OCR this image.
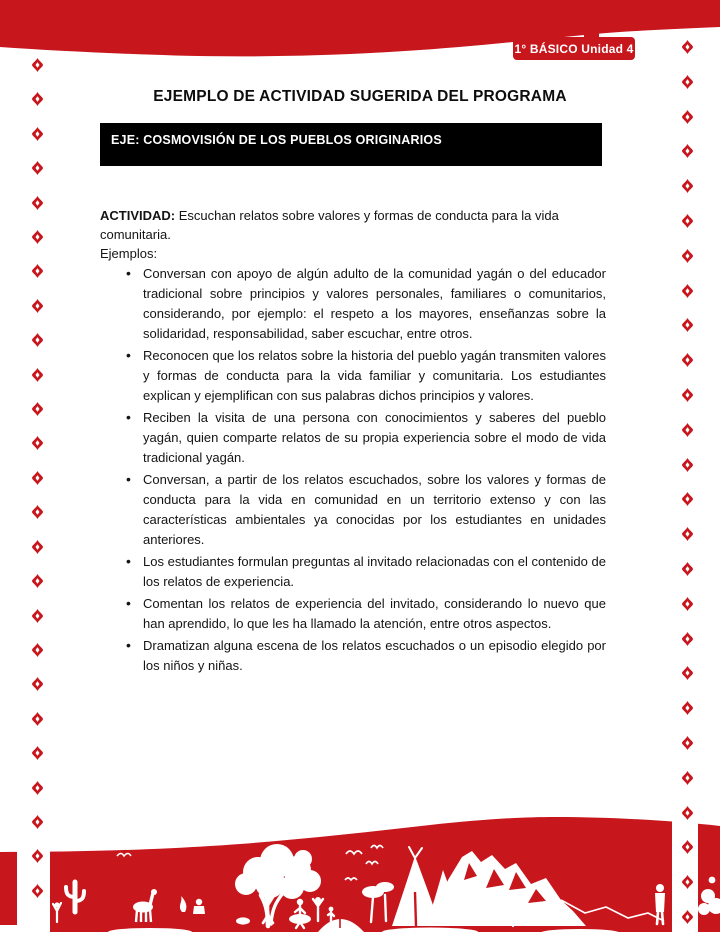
1° BÁSICO Unidad 4
EJEMPLO DE ACTIVIDAD SUGERIDA DEL PROGRAMA
EJE: COSMOVISIÓN DE LOS PUEBLOS ORIGINARIOS

ACTIVIDAD: Escuchan relatos sobre valores y formas de conducta para la vida comunitaria.

Ejemplos:

• Conversan con apoyo de algún adulto de la comunidad yagán o del educador tradicional sobre principios y valores personales, familiares o comunitarios, considerando, por ejemplo: el respeto a los mayores, enseñanzas sobre la solidaridad, responsabilidad, saber escuchar, entre otros.
• Reconocen que los relatos sobre la historia del pueblo yagán transmiten valores y formas de conducta para la vida familiar y comunitaria. Los estudiantes explican y ejemplifican con sus palabras dichos principios y valores.
• Reciben la visita de una persona con conocimientos y saberes del pueblo yagán, quien comparte relatos de su propia experiencia sobre el modo de vida tradicional yagán.
• Conversan, a partir de los relatos escuchados, sobre los valores y formas de conducta para la vida en comunidad en un territorio extenso y con las características ambientales ya conocidas por los estudiantes en unidades anteriores.
• Los estudiantes formulan preguntas al invitado relacionadas con el contenido de los relatos de experiencia.
• Comentan los relatos de experiencia del invitado, considerando lo nuevo que han aprendido, lo que les ha llamado la atención, entre otros aspectos.
• Dramatizan alguna escena de los relatos escuchados o un episodio elegido por los niños y niñas.
